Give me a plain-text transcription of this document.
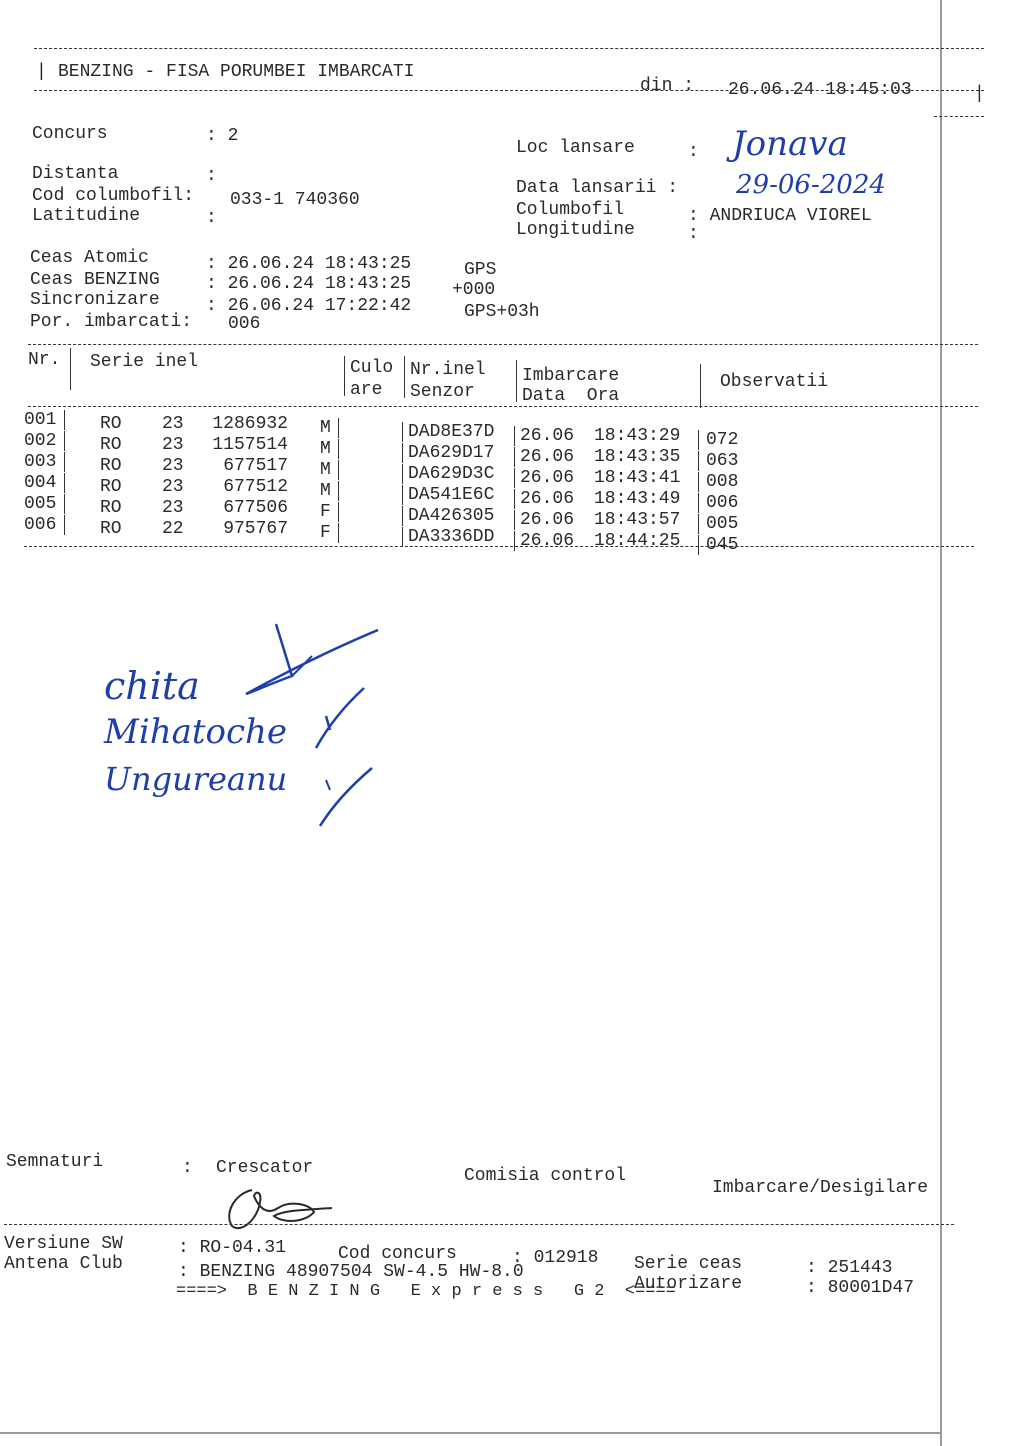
| BENZING - FISA PORUMBEI IMBARCATI
din : 26.06.24 18:45:03	|
Concurs	: 2
Distanta	:
Cod columbofil: 033-1 740360
Latitudine	:
Loc lansare	: Jonava
Data lansarii : 29-06-2024
Columbofil	: ANDRIUCA VIOREL
Longitudine	:
Ceas Atomic	: 26.06.24 18:43:25	GPS
Ceas BENZING	: 26.06.24 18:43:25 +000
Sincronizare	: 26.06.24 17:22:42	GPS+03h
Por. imbarcati: 006
Nr. Serie inel	Culo
are
Nr.inel
Senzor
Imbarcare
Data  Ora
Observatii
001 RO 23	1286932 M	DAD8E37D 26.06 18:43:29 072
002 RO 23	1157514 M	DA629D17 26.06 18:43:35 063
003 RO 23	677517 M	DA629D3C 26.06 18:43:41 008
004 RO 23	677512 M	DA541E6C 26.06 18:43:49 006
005 RO 23	677506 F	DA426305 26.06 18:43:57 005
006 RO 22	975767 F	DA3336DD 26.06 18:44:25 045
chita
Mihatoche
Ungureanu
Semnaturi	: Crescator	Comisia control
Imbarcare/Desigilare
Versiune SW	: RO-04.31	Cod concurs	: 012918 Serie ceas	: 251443
Antena Club	: BENZING 48907504 SW-4.5 HW-8.0
Autorizare	: 80001D47
====>  B E N Z I N G   E x p r e s s   G 2  <====
